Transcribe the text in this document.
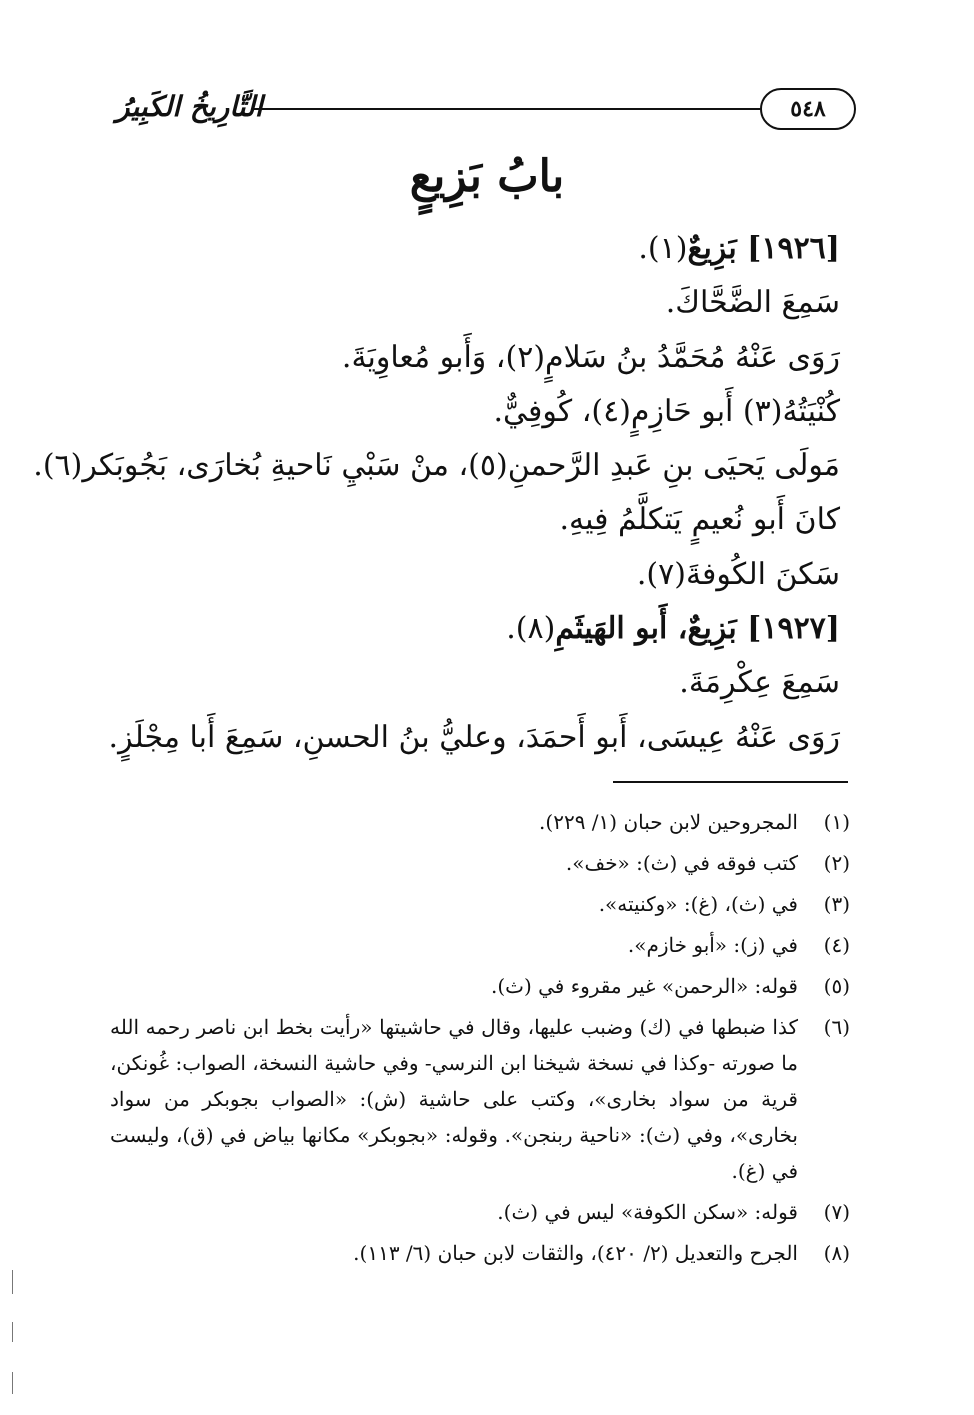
التَّارِيخُ الكَبِيرُ	٥٤٨
بابُ بَزِيعٍ
[١٩٢٦] بَزِيعٌ(١).
سَمِعَ الضَّحَّاكَ.
رَوَى عَنْهُ مُحَمَّدُ بنُ سَلامٍ(٢)، وَأَبو مُعاوِيَةَ.
كُنْيَتُهُ(٣) أَبو حَازِمٍ(٤)، كُوفِيٌّ.
مَولَى يَحيَى بنِ عَبدِ الرَّحمنِ(٥)، منْ سَبْيِ نَاحيةِ بُخارَى، بَجُوبَكر(٦).
كانَ أَبو نُعيمٍ يَتكلَّمُ فِيهِ.
سَكنَ الكُوفةَ(٧).
[١٩٢٧] بَزِيعٌ، أَبو الهَيثَمِ(٨).
سَمِعَ عِكْرِمَةَ.
رَوَى عَنْهُ عِيسَى، أَبو أَحمَدَ، وعليُّ بنُ الحسنِ، سَمِعَ أَبا مِجْلَزٍ.
(١)
المجروحين لابن حبان (١/ ٢٢٩).
(٢)
كتب فوقه في (ث): «خف».
(٣)
في (ث)، (غ): «وكنيته».
(٤)
في (ز): «أبو خازم».
(٥)
قوله: «الرحمن» غير مقروء في (ث).
(٦)
كذا ضبطها في (ك) وضبب عليها، وقال في حاشيتها «رأيت بخط ابن ناصر رحمه الله ما صورته -وكذا في نسخة شيخنا ابن النرسي- وفي حاشية النسخة، الصواب: غُونكن، قرية من سواد بخارى»، وكتب على حاشية (ش): «الصواب بجوبكر من سواد بخارى»، وفي (ث): «ناحية ربنجن». وقوله: «بجوبكر» مكانها بياض في (ق)، وليست في (غ).
(٧)
قوله: «سكن الكوفة» ليس في (ث).
(٨)
الجرح والتعديل (٢/ ٤٢٠)، والثقات لابن حبان (٦/ ١١٣).
